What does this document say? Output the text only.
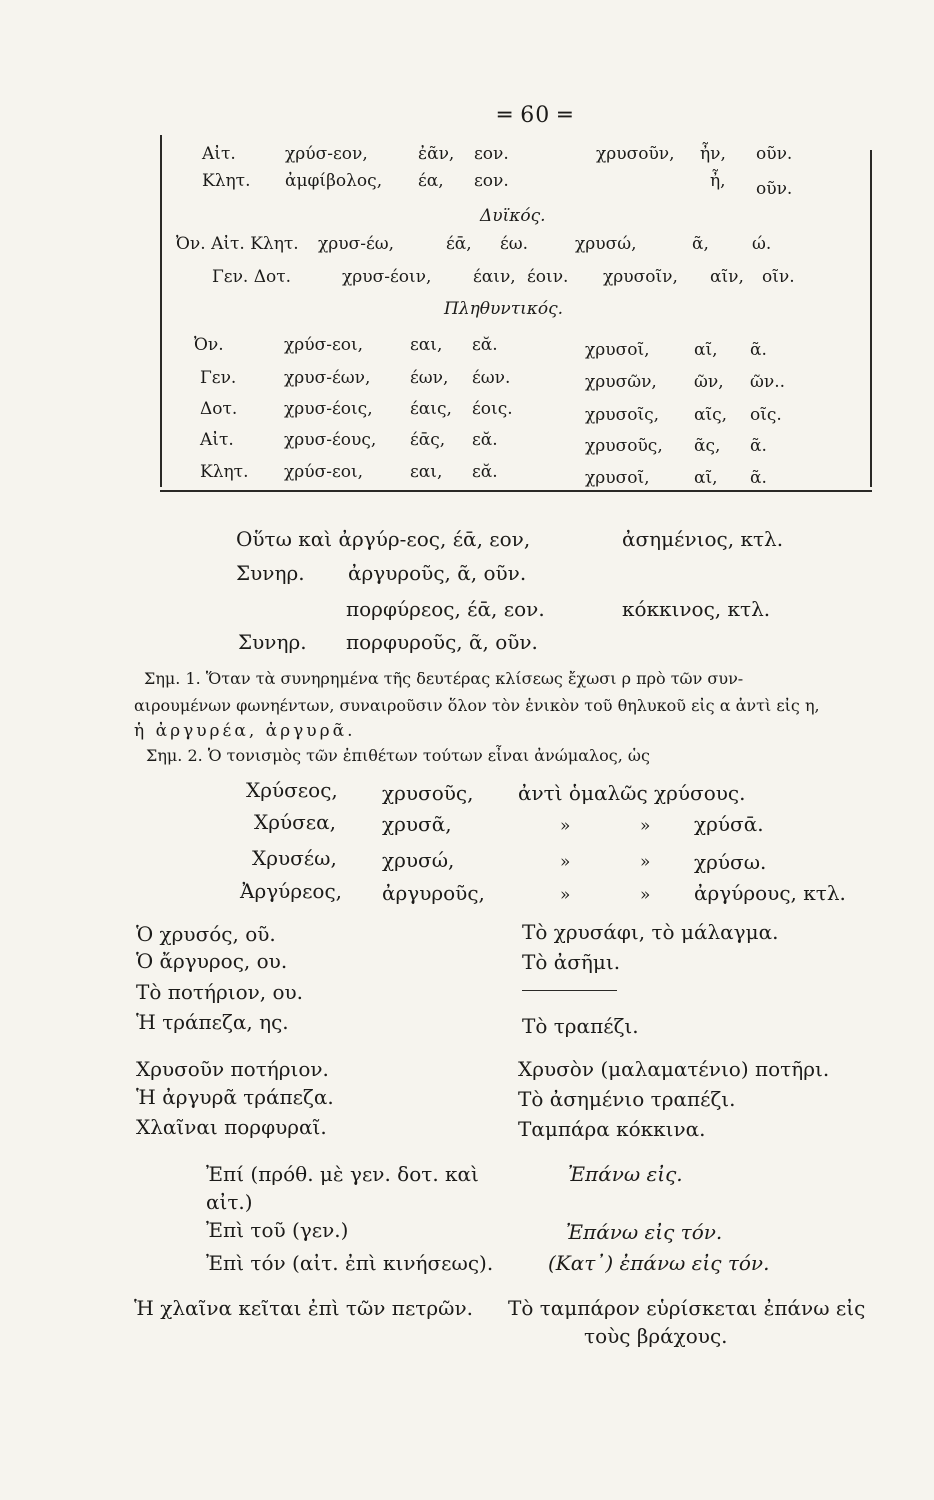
═ 60 ═

Αἰτ.	χρύσ-εον,	ἐᾶν, εον.	χρυσοῦν, ἦν, οῦν.
Κλητ. ἀμφίβολος, έα, εον.	ἦ, οῦν.
Δυϊκός.
Ὀν. Αἰτ. Κλητ. χρυσ-έω,	έᾱ, έω.	χρυσώ,	ᾶ,	ώ.
Γεν. Δοτ.	χρυσ-έοιν, έαιν, έοιν. χρυσοῖν, αῖν, οῖν.
Πληθυντικός.
Ὀν.	χρύσ-εοι,	εαι, εᾰ.	χρυσοῖ,	αῖ, ᾶ.
Γεν.	χρυσ-έων, έων, έων.	χρυσῶν, ῶν, ῶν..
Δοτ.	χρυσ-έοις, έαις, έοις.	χρυσοῖς, αῖς, οῖς.
Αἰτ.	χρυσ-έους, έᾱς, εᾰ.	χρυσοῦς, ᾶς, ᾶ.
Κλητ. χρύσ-εοι,	εαι, εᾰ.	χρυσοῖ,	αῖ, ᾶ.
Οὕτω καὶ ἀργύρ-εος, έᾱ, εον,	ἀσημένιος, κτλ.
Συνηρ. ἀργυροῦς, ᾶ, οῦν.
πορφύρεος, έᾱ, εον.	κόκκινος, κτλ.
Συνηρ. πορφυροῦς, ᾶ, οῦν.
Σημ. 1. Ὅταν τὰ συνηρημένα τῆς δευτέρας κλίσεως ἔχωσι ρ πρὸ τῶν συν-
αιρουμένων φωνηέντων, συναιροῦσιν ὅλον τὸν ἑνικὸν τοῦ θηλυκοῦ εἰς α ἀντὶ εἰς η,
ἡ ἀργυρέα, ἀργυρᾶ.
Σημ. 2. Ὁ τονισμὸς τῶν ἐπιθέτων τούτων εἶναι ἀνώμαλος, ὡς
Χρύσεος, χρυσοῦς, ἀντὶ ὁμαλῶς χρύσους.
Χρύσεα, χρυσᾶ,	»	» χρύσᾱ.
Χρυσέω, χρυσώ,	»	» χρύσω.
Ἀργύρεος, ἀργυροῦς,	»	» ἀργύρους, κτλ.
Ὁ χρυσός, οῦ.
Ὁ ἄργυρος, ου.
Τὸ ποτήριον, ου.
Ἡ τράπεζα, ης.
Τὸ χρυσάφι, τὸ μάλαγμα.
Τὸ ἀσῆμι.
Τὸ τραπέζι.
Χρυσοῦν ποτήριον.
Ἡ ἀργυρᾶ τράπεζα.
Χλαῖναι πορφυραῖ.
Χρυσὸν (μαλαματένιο) ποτῆρι.
Τὸ ἀσημένιο τραπέζι.
Ταμπάρα κόκκινα.
Ἐπί (πρόθ. μὲ γεν. δοτ. καὶ	Ἐπάνω εἰς.
αἰτ.)
Ἐπὶ τοῦ (γεν.)	Ἐπάνω εἰς τόν.
Ἐπὶ τόν (αἰτ. ἐπὶ κινήσεως).	(Κατ᾽) ἐπάνω εἰς τόν.
Ἡ χλαῖνα κεῖται ἐπὶ τῶν πετρῶν. Τὸ ταμπάρον εὑρίσκεται ἐπάνω εἰς
τοὺς βράχους.
